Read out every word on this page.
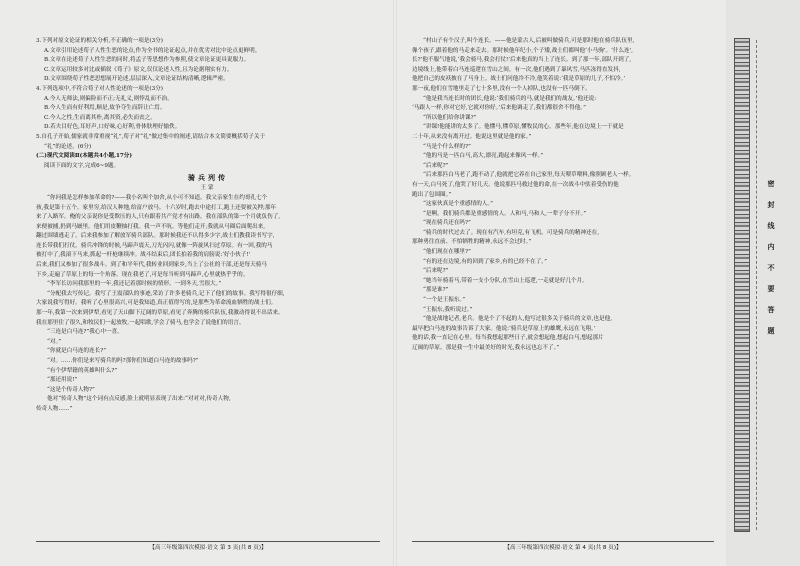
3.下列对原文论证的相关分析,不正确的一项是(3分)

A.文章引用论述荀子人性生恶的论点,作为全书的论证起点,并在优劣对比中论点更鲜明。

B.文章在论述荀子人性生恶的同时,将孟子等思想作为参照,使文章论证更具说服力。

C.文章运用较多对比或插叙《荀子》原文,仅仅论述人性,且为论据翔实有力。

D.文章围绕荀子性恶思想展开论述,层层深入,文章论证结构清晰,逻辑严密。

4.下列选项中,不符合荀子对人性论述的一项是(3分)

A.今人无师法,则偏险而不正;无礼义,则悖乱而不治。

B.今人生而有好利焉,顺是,故争夺生而辞让亡焉。

C.今人之性,生而离其朴,离其资,必失而丧之。

D.若夫目好色,耳好声,口好味,心好利,骨体肤理好愉佚。

5.自孔子开始,儒家就非常重视“礼”,荀子对“礼”做过集中的阐述,请结合本文简要概括荀子关于

“礼”的论述。(6分)

(二)现代文阅读Ⅱ(本题共4小题,17分)

阅读下面的文字,完成6~9题。

骑兵列传

王蒙

“你问我是怎样参加革命的?——我小名叫个加舍,从小可不知道。我父亲家生在约哥孔七个

孩,我是第十五个。家里穷,给汉人种地,给富户放马。十六岁时,跑去中途打工,跑上还要被关押;那年

来了入路军。俺的父亲说你是受欺压的人,只有跟着共产党才有出路。我在部队的第一个月就负伤了,

来便被捕,扔到马厩里。他们用皮鞭抽打我。我一声不吭。等他们走开,我就从马圈后面爬出来,

翻过围墙逃走了。后来我参加了解放军骑兵部队。那时候我还不认得多少字,战士们教我读书写字,

连长带我们打仗。骑兵冲锋的时候,马蹄声震天,刀光闪闪,就像一阵旋风扫过草原。有一回,我的马

被打中了,我滚下马来,抓起一杆枪继续冲。战斗结束后,团长拍着我的肩膀说:‘好小伙子!’

后来,我们又参加了很多战斗。到了和平年代,我转业回到家乡,当上了公社的干部,还是每天骑马

下乡,走遍了草原上的每一个角落。现在我老了,可是每当听到马蹄声,心里就热乎乎的。

“李军长访问我那里的一年,我还记着那时候的情形。一到冬天,雪很大。”

“分配我去写传记。我写了王震部队的事迹,采访了许多老骑兵,记下了他们的故事。我写得很仔细,

大家说我写得好。我听了心里很高兴,可是我知道,真正值得写的,是那些为革命流血牺牲的战士们。

那一年,我第一次来到伊犁,看见了天山脚下辽阔的草原,看见了奔腾的骑兵队伍,我激动得说不出话来。

我在那里住了很久,和牧民们一起放牧,一起唱歌,学会了骑马,也学会了说他们的语言。

“三连是白马连?”我心中一喜。

“对。”

“你就是白马连的连长?”

“对。……你们是来写骑兵的吗?那你们知道白马连的故事吗?”

“有个伊犁籍的英雄叫什么?”

“那还用说!”

“这是个传奇人物?”

他对“传奇人物”这个词有点反感,脸上就明显表现了出来:“对对对,传奇人物,

传奇人物……”

【高三年级第四次模拟·语文 第 3 页(共 8 页)】

“村山子有个汉子,叫个连长。——他是蒙古人,后被叫做骑兵,可是那时他在骑兵队伍里,

像个孩子,跟着他的马走来走去。那时候他年纪小,个子矮,战士们都叫他‘小马驹’。‘什么连',

长?’他不服气地说,‘我会骑马,我会打仗!’后来他真的当上了连长。到了那一年,部队开到了,

边境线上,他带着白马连巡逻在雪山之间。有一次,他们遇到了暴风雪,马匹冻得直发抖,

他把自己的皮袄披在了马身上。战士们问他冷不冷,他笑着说:‘我是草原的儿子,不怕冷。’

那一夜,他们在雪地里走了七十多里,没有一个人掉队,也没有一匹马倒下。

“他是我当连长时的团长,他说:‘我们骑兵的马,就是我们的战友。’他还说:

‘马跟人一样,你对它好,它就对你好。’后来他调走了,我们都很舍不得他。”

“所以他们给你讲课?”

“讲课!他能讲的太多了。他懂马,懂草原,懂牧民的心。那些年,他在边境上一干就是

二十年,从来没有离开过。他说这里就是他的家。”

“马是个什么样的?”

“他的马是一匹白马,高大,漂亮,跑起来像风一样。”

“后来呢?”

“后来那匹白马老了,跑不动了,他就把它养在自己家里,每天喂草喂料,像照顾老人一样。

有一天,白马死了,他哭了好几天。他说那匹马救过他的命,在一次战斗中驮着受伤的他

跑出了包围圈。”

“这家伙真是个重感情的人。”

“是啊。我们骑兵都是重感情的人。人和马,马和人,一辈子分不开。”

“现在骑兵还在吗?”

“骑兵的时代过去了。现在有汽车,有坦克,有飞机。可是骑兵的精神还在,

那种勇往直前、不怕牺牲的精神,永远不会过时。”

“他们现在在哪里?”

“有的还在边境,有的回到了家乡,有的已经不在了。”

“后来呢?”

“她当年骑着马,带着一支小分队,在雪山上巡逻,一走就是好几个月。

“那是谁?”

“一个是王振东。”

“王振东,我听说过。”

“他是战地记者,老兵。他是个了不起的人,他写过很多关于骑兵的文章,也是他,

最早把白马连的故事告诉了大家。他说:‘骑兵是草原上的雄鹰,永远在飞翔。’

他的话,我一直记在心里。每当我想起那些日子,就会想起他,想起白马,想起那片

辽阔的草原。那是我一生中最美好的时光,我永远也忘不了。”

【高三年级第四次模拟·语文 第 4 页(共 8 页)】
密封线内不要答题
